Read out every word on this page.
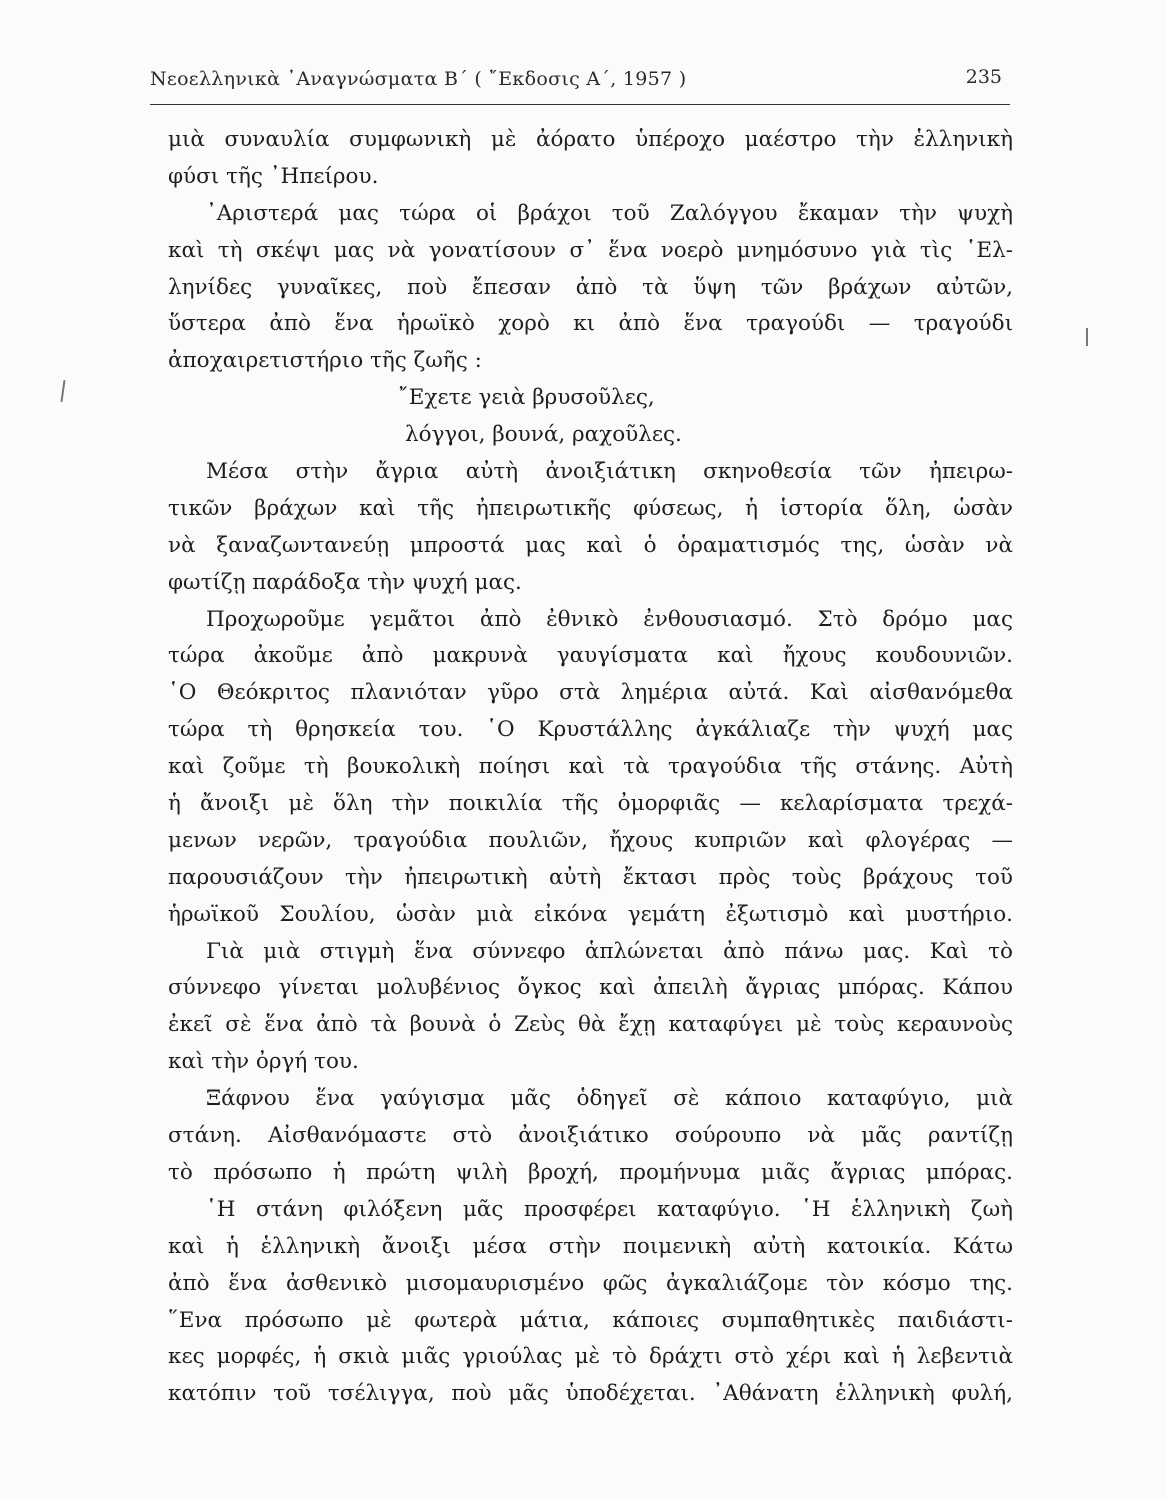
Νεοελληνικὰ ᾿Αναγνώσματα Β΄ ( ῎Εκδοσις Α΄, 1957 )	235
μιὰ συναυλία συμφωνικὴ μὲ ἀόρατο ὑπέροχο μαέστρο τὴν ἑλληνικὴ
φύσι τῆς ᾿Ηπείρου.
᾿Αριστερά μας τώρα οἱ βράχοι τοῦ Ζαλόγγου ἔκαμαν τὴν ψυχὴ
καὶ τὴ σκέψι μας νὰ γονατίσουν σ᾿ ἕνα νοερὸ μνημόσυνο γιὰ τὶς ῾Ελ-
ληνίδες γυναῖκες, ποὺ ἔπεσαν ἀπὸ τὰ ὕψη τῶν βράχων αὐτῶν,
ὕστερα ἀπὸ ἕνα ἡρωϊκὸ χορὸ κι ἀπὸ ἕνα τραγούδι — τραγούδι
ἀποχαιρετιστήριο τῆς ζωῆς :
῎Εχετε γειὰ βρυσοῦλες,
λόγγοι, βουνά, ραχοῦλες.
Μέσα στὴν ἄγρια αὐτὴ ἀνοιξιάτικη σκηνοθεσία τῶν ἠπειρω-
τικῶν βράχων καὶ τῆς ἠπειρωτικῆς φύσεως, ἡ ἱστορία ὅλη, ὡσὰν
νὰ ξαναζωντανεύῃ μπροστά μας καὶ ὁ ὁραματισμός της, ὡσὰν νὰ
φωτίζῃ παράδοξα τὴν ψυχή μας.
Προχωροῦμε γεμᾶτοι ἀπὸ ἐθνικὸ ἐνθουσιασμό. Στὸ δρόμο μας
τώρα ἀκοῦμε ἀπὸ μακρυνὰ γαυγίσματα καὶ ἤχους κουδουνιῶν.
῾Ο Θεόκριτος πλανιόταν γῦρο στὰ λημέρια αὐτά. Καὶ αἰσθανόμεθα
τώρα τὴ θρησκεία του. ῾Ο Κρυστάλλης ἀγκάλιαζε τὴν ψυχή μας
καὶ ζοῦμε τὴ βουκολικὴ ποίησι καὶ τὰ τραγούδια τῆς στάνης. Αὐτὴ
ἡ ἄνοιξι μὲ ὅλη τὴν ποικιλία τῆς ὀμορφιᾶς — κελαρίσματα τρεχά-
μενων νερῶν, τραγούδια πουλιῶν, ἤχους κυπριῶν καὶ φλογέρας —
παρουσιάζουν τὴν ἠπειρωτικὴ αὐτὴ ἔκτασι πρὸς τοὺς βράχους τοῦ
ἡρωϊκοῦ Σουλίου, ὡσὰν μιὰ εἰκόνα γεμάτη ἐξωτισμὸ καὶ μυστήριο.
Γιὰ μιὰ στιγμὴ ἕνα σύννεφο ἁπλώνεται ἀπὸ πάνω μας. Καὶ τὸ
σύννεφο γίνεται μολυβένιος ὄγκος καὶ ἀπειλὴ ἄγριας μπόρας. Κάπου
ἐκεῖ σὲ ἕνα ἀπὸ τὰ βουνὰ ὁ Ζεὺς θὰ ἔχῃ καταφύγει μὲ τοὺς κεραυνοὺς
καὶ τὴν ὀργή του.
Ξάφνου ἕνα γαύγισμα μᾶς ὁδηγεῖ σὲ κάποιο καταφύγιο, μιὰ
στάνη. Αἰσθανόμαστε στὸ ἀνοιξιάτικο σούρουπο νὰ μᾶς ραντίζῃ
τὸ πρόσωπο ἡ πρώτη ψιλὴ βροχή, προμήνυμα μιᾶς ἄγριας μπόρας.
῾Η στάνη φιλόξενη μᾶς προσφέρει καταφύγιο. ῾Η ἑλληνικὴ ζωὴ
καὶ ἡ ἑλληνικὴ ἄνοιξι μέσα στὴν ποιμενικὴ αὐτὴ κατοικία. Κάτω
ἀπὸ ἕνα ἀσθενικὸ μισομαυρισμένο φῶς ἀγκαλιάζομε τὸν κόσμο της.
῞Ενα πρόσωπο μὲ φωτερὰ μάτια, κάποιες συμπαθητικὲς παιδιάστι-
κες μορφές, ἡ σκιὰ μιᾶς γριούλας μὲ τὸ δράχτι στὸ χέρι καὶ ἡ λεβεντιὰ
κατόπιν τοῦ τσέλιγγα, ποὺ μᾶς ὑποδέχεται. ᾿Αθάνατη ἑλληνικὴ φυλή,
